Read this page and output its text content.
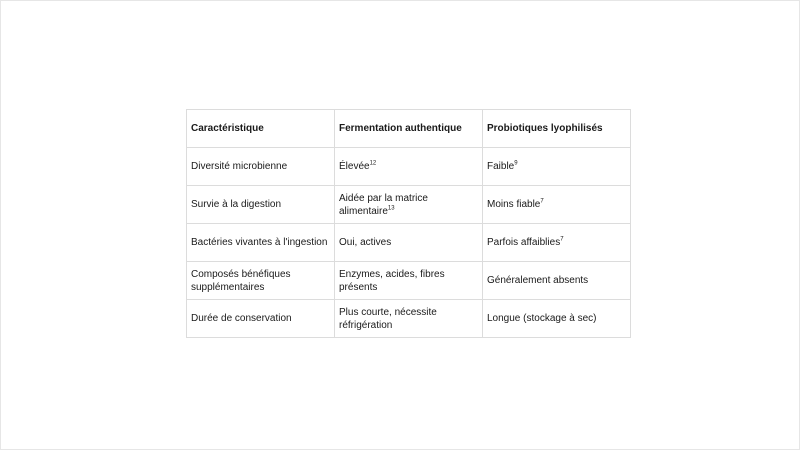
Caractéristique	Fermentation authentique	Probiotiques lyophilisés
Diversité microbienne	Élevée$^{12}$	Faible$^9$
Survie à la digestion	Aidée par la matrice alimentaire$^{13}$	Moins fiable$^7$
Bactéries vivantes à l'ingestion	Oui, actives	Parfois affaiblies$^7$
Composés bénéfiques supplémentaires	Enzymes, acides, fibres présents	Généralement absents
Durée de conservation	Plus courte, nécessite réfrigération	Longue (stockage à sec)
